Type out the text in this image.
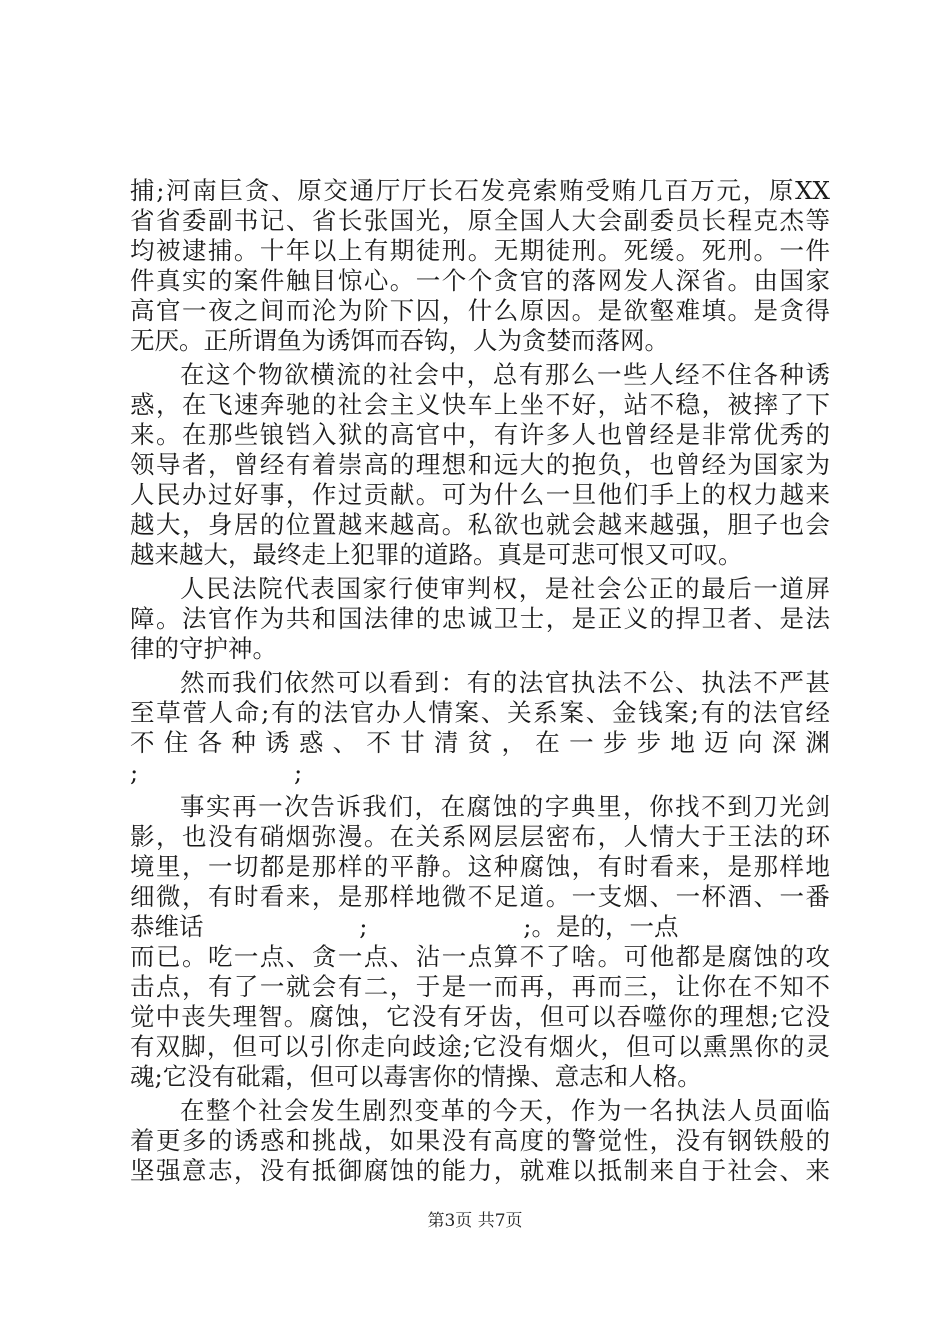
捕;河南巨贪、原交通厅厅长石发亮索贿受贿几百万元，原XX
省省委副书记、省长张国光，原全国人大会副委员长程克杰等
均被逮捕。十年以上有期徒刑。无期徒刑。死缓。死刑。一件
件真实的案件触目惊心。一个个贪官的落网发人深省。由国家
高官一夜之间而沦为阶下囚，什么原因。是欲壑难填。是贪得
无厌。正所谓鱼为诱饵而吞钩，人为贪婪而落网。
在这个物欲横流的社会中，总有那么一些人经不住各种诱
惑，在飞速奔驰的社会主义快车上坐不好，站不稳，被摔了下
来。在那些锒铛入狱的高官中，有许多人也曾经是非常优秀的
领导者，曾经有着崇高的理想和远大的抱负，也曾经为国家为
人民办过好事，作过贡献。可为什么一旦他们手上的权力越来
越大，身居的位置越来越高。私欲也就会越来越强，胆子也会
越来越大，最终走上犯罪的道路。真是可悲可恨又可叹。
人民法院代表国家行使审判权，是社会公正的最后一道屏
障。法官作为共和国法律的忠诚卫士，是正义的捍卫者、是法
律的守护神。
然而我们依然可以看到：有的法官执法不公、执法不严甚
至草菅人命;有的法官办人情案、关系案、金钱案;有的法官经
不住各种诱惑、不甘清贫，在一步步地迈向深渊
;                    ;
事实再一次告诉我们，在腐蚀的字典里，你找不到刀光剑
影，也没有硝烟弥漫。在关系网层层密布，人情大于王法的环
境里，一切都是那样的平静。这种腐蚀，有时看来，是那样地
细微，有时看来，是那样地微不足道。一支烟、一杯酒、一番
恭维话                    ;                    ;。是的，一点
而已。吃一点、贪一点、沾一点算不了啥。可他都是腐蚀的攻
击点，有了一就会有二，于是一而再，再而三，让你在不知不
觉中丧失理智。腐蚀，它没有牙齿，但可以吞噬你的理想;它没
有双脚，但可以引你走向歧途;它没有烟火，但可以熏黑你的灵
魂;它没有砒霜，但可以毒害你的情操、意志和人格。
在整个社会发生剧烈变革的今天，作为一名执法人员面临
着更多的诱惑和挑战，如果没有高度的警觉性，没有钢铁般的
坚强意志，没有抵御腐蚀的能力，就难以抵制来自于社会、来
第3页 共7页
